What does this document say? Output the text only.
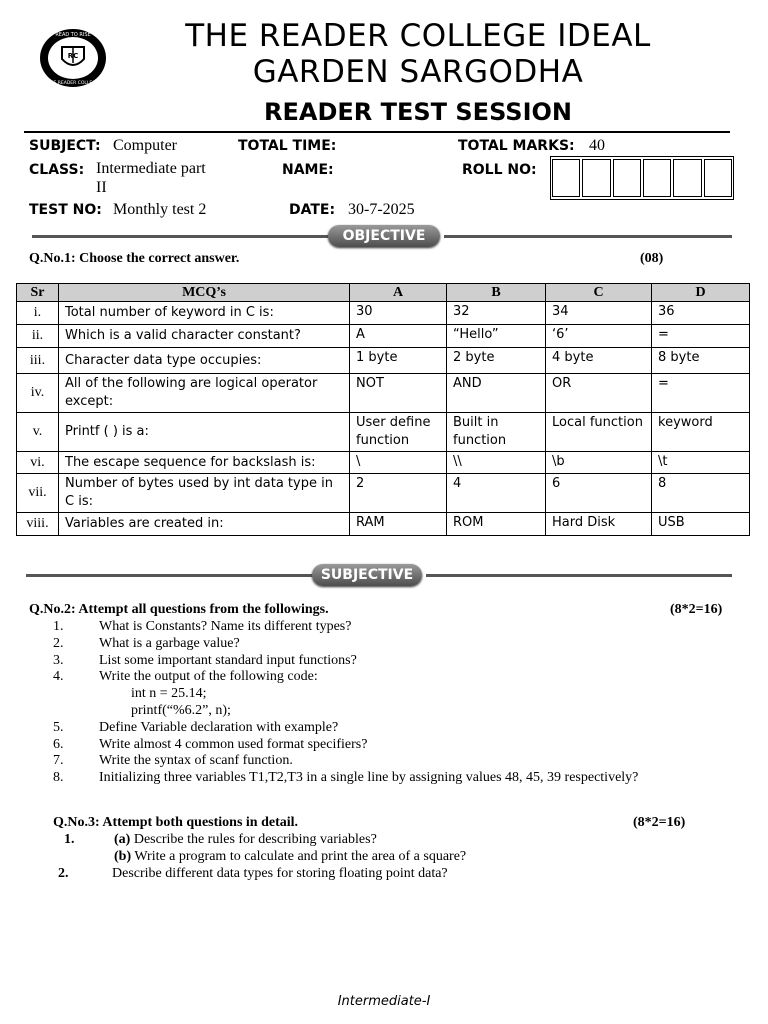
READ TO RISE
THE READER COLLEGE
RC
THE READER COLLEGE IDEAL
GARDEN SARGODHA
READER TEST SESSION
SUBJECT: Computer	TOTAL TIME:	TOTAL MARKS: 40
CLASS: Intermediate part
II
NAME:	ROLL NO:
TEST NO: Monthly test 2	DATE: 30-7-2025
OBJECTIVE
Q.No.1: Choose the correct answer.	(08)
Sr	MCQ’s	A	B	C	D
i.	Total number of keyword in C is:	30	32	34	36
ii.	Which is a valid character constant?	A	“Hello”	‘6’	=
iii.	Character data type occupies:	1 byte	2 byte	4 byte	8 byte
iv.	All of the following are logical operator except:	NOT	AND	OR	=
v.	Printf ( ) is a:	User define function	Built in function	Local function	keyword
vi.	The escape sequence for backslash is:	\	\\	\b	\t
vii.	Number of bytes used by int data type in C is:	2	4	6	8
viii.	Variables are created in:	RAM	ROM	Hard Disk	USB
SUBJECTIVE
Q.No.2: Attempt all questions from the followings.	(8*2=16)
1.	What is Constants? Name its different types?
2.	What is a garbage value?
3.	List some important standard input functions?
4.	Write the output of the following code:
int n = 25.14;
printf(“%6.2”, n);
5.	Define Variable declaration with example?
6.	Write almost 4 common used format specifiers?
7.	Write the syntax of scanf function.
8.	Initializing three variables T1,T2,T3 in a single line by assigning values 48, 45, 39 respectively?
Q.No.3: Attempt both questions in detail.	(8*2=16)
1.	(a) Describe the rules for describing variables?
(b) Write a program to calculate and print the area of a square?
2.	Describe different data types for storing floating point data?
Intermediate-I
